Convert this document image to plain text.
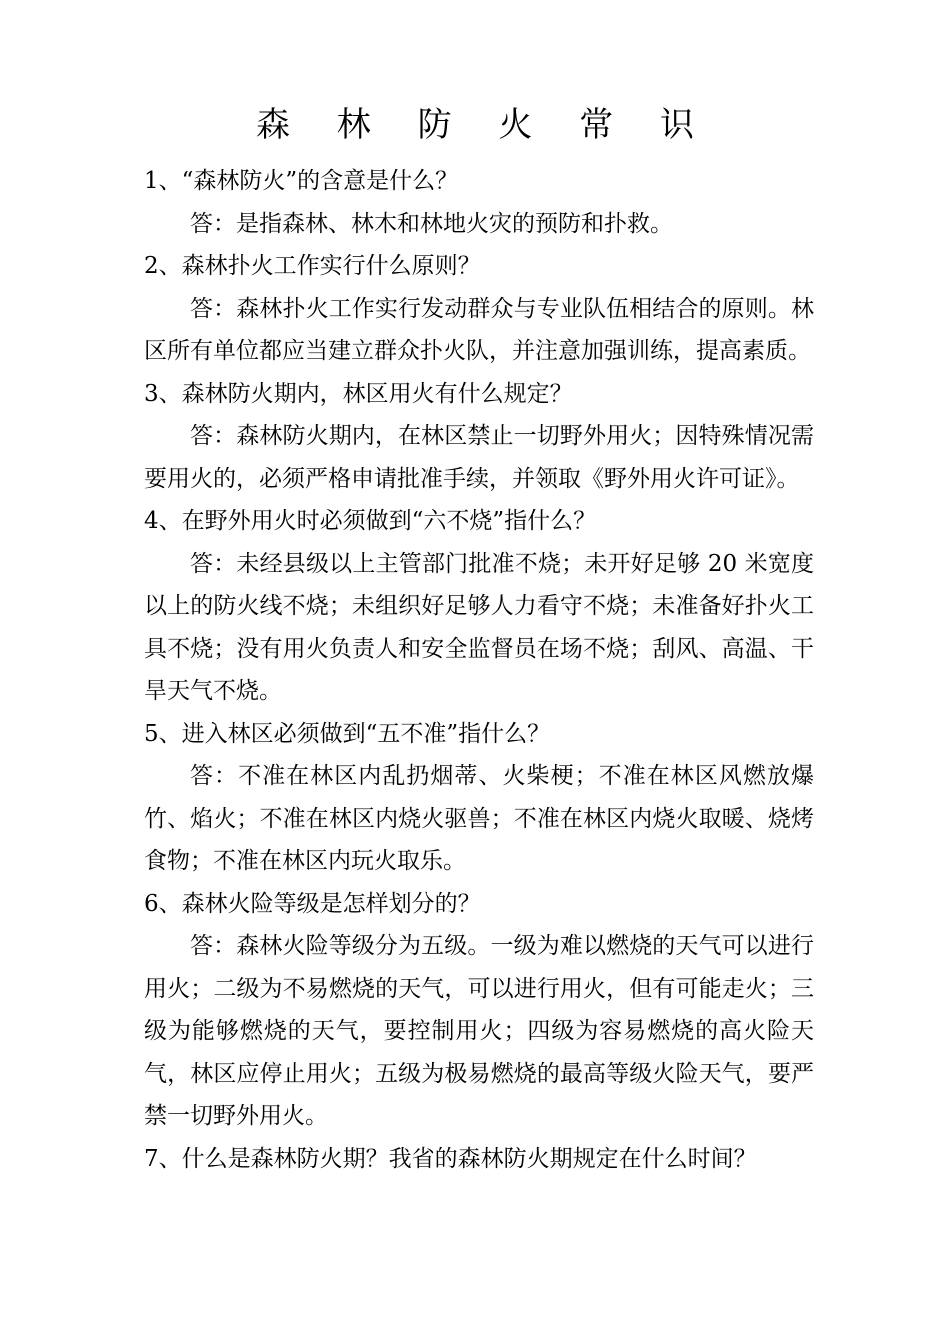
森 林 防 火 常 识

1、“森林防火”的含意是什么？

答：是指森林、林木和林地火灾的预防和扑救。

2、森林扑火工作实行什么原则？

答：森林扑火工作实行发动群众与专业队伍相结合的原则。林区所有单位都应当建立群众扑火队，并注意加强训练，提高素质。

3、森林防火期内，林区用火有什么规定？

答：森林防火期内，在林区禁止一切野外用火；因特殊情况需要用火的，必须严格申请批准手续，并领取《野外用火许可证》。

4、在野外用火时必须做到“六不烧”指什么？

答：未经县级以上主管部门批准不烧；未开好足够 20 米宽度以上的防火线不烧；未组织好足够人力看守不烧；未准备好扑火工具不烧；没有用火负责人和安全监督员在场不烧；刮风、高温、干旱天气不烧。

5、进入林区必须做到“五不准”指什么？

答：不准在林区内乱扔烟蒂、火柴梗；不准在林区风燃放爆竹、焰火；不准在林区内烧火驱兽；不准在林区内烧火取暖、烧烤食物；不准在林区内玩火取乐。

6、森林火险等级是怎样划分的？

答：森林火险等级分为五级。一级为难以燃烧的天气可以进行用火；二级为不易燃烧的天气，可以进行用火，但有可能走火；三级为能够燃烧的天气，要控制用火；四级为容易燃烧的高火险天气，林区应停止用火；五级为极易燃烧的最高等级火险天气，要严禁一切野外用火。

7、什么是森林防火期？我省的森林防火期规定在什么时间？
